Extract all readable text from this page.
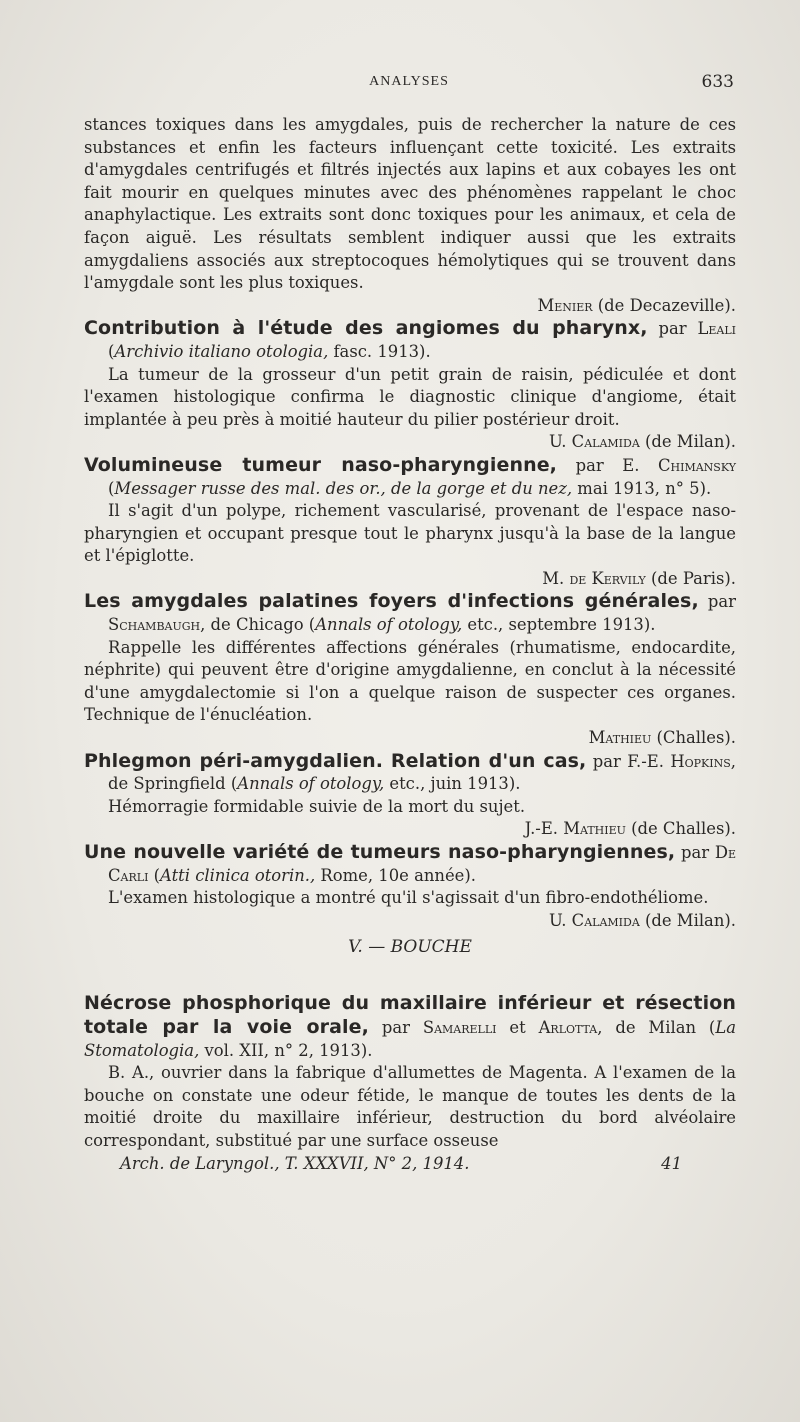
ANALYSES	633

stances toxiques dans les amygdales, puis de rechercher la nature de ces substances et enfin les facteurs influençant cette toxicité. Les extraits d'amygdales centrifugés et filtrés injectés aux lapins et aux cobayes les ont fait mourir en quelques minutes avec des phénomènes rappelant le choc anaphylactique. Les extraits sont donc toxiques pour les animaux, et cela de façon aiguë. Les résultats semblent indiquer aussi que les extraits amygdaliens associés aux streptocoques hémolytiques qui se trouvent dans l'amygdale sont les plus toxiques.

Menier (de Decazeville).

Contribution à l'étude des angiomes du pharynx, par Leali (Archivio italiano otologia, fasc. 1913).

La tumeur de la grosseur d'un petit grain de raisin, pédiculée et dont l'examen histologique confirma le diagnostic clinique d'angiome, était implantée à peu près à moitié hauteur du pilier postérieur droit.

U. Calamida (de Milan).

Volumineuse tumeur naso-pharyngienne, par E. Chimansky (Messager russe des mal. des or., de la gorge et du nez, mai 1913, n° 5).

Il s'agit d'un polype, richement vascularisé, provenant de l'espace naso-pharyngien et occupant presque tout le pharynx jusqu'à la base de la langue et l'épiglotte.

M. de Kervily (de Paris).

Les amygdales palatines foyers d'infections générales, par Schambaugh, de Chicago (Annals of otology, etc., septembre 1913).

Rappelle les différentes affections générales (rhumatisme, endocardite, néphrite) qui peuvent être d'origine amygdalienne, en conclut à la nécessité d'une amygdalectomie si l'on a quelque raison de suspecter ces organes. Technique de l'énucléation.

Mathieu (Challes).

Phlegmon péri-amygdalien. Relation d'un cas, par F.-E. Hopkins, de Springfield (Annals of otology, etc., juin 1913).

Hémorragie formidable suivie de la mort du sujet.

J.-E. Mathieu (de Challes).

Une nouvelle variété de tumeurs naso-pharyngiennes, par De Carli (Atti clinica otorin., Rome, 10e année).

L'examen histologique a montré qu'il s'agissait d'un fibro-endothéliome.
U. Calamida (de Milan).

V. — BOUCHE

Nécrose phosphorique du maxillaire inférieur et résection totale par la voie orale, par Samarelli et Arlotta, de Milan (La Stomatologia, vol. XII, n° 2, 1913).

B. A., ouvrier dans la fabrique d'allumettes de Magenta. A l'examen de la bouche on constate une odeur fétide, le manque de toutes les dents de la moitié droite du maxillaire inférieur, destruction du bord alvéolaire correspondant, substitué par une surface osseuse

Arch. de Laryngol., T. XXXVII, N° 2, 1914.	41
